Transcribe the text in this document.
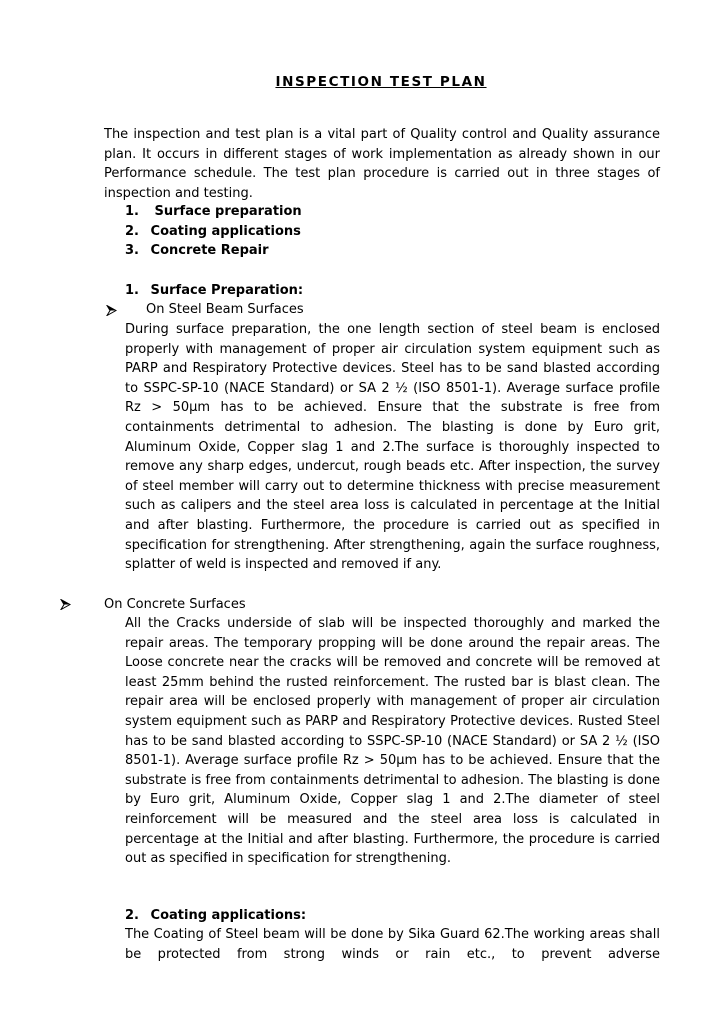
INSPECTION TEST PLAN

The inspection and test plan is a vital part of Quality control and Quality assurance plan. It occurs in different stages of work implementation as already shown in our Performance schedule. The test plan procedure is carried out in three stages of inspection and testing.

1. Surface preparation
2. Coating applications
3. Concrete Repair
1. Surface Preparation:
On Steel Beam Surfaces

During surface preparation, the one length section of steel beam is enclosed properly with management of proper air circulation system equipment such as PARP and Respiratory Protective devices. Steel has to be sand blasted according to SSPC-SP-10 (NACE Standard) or SA 2 ½ (ISO 8501-1). Average surface profile Rz > 50μm has to be achieved. Ensure that the substrate is free from containments detrimental to adhesion. The blasting is done by Euro grit, Aluminum Oxide, Copper slag 1 and 2.The surface is thoroughly inspected to remove any sharp edges, undercut, rough beads etc. After inspection, the survey of steel member will carry out to determine thickness with precise measurement such as calipers and the steel area loss is calculated in percentage at the Initial and after blasting. Furthermore, the procedure is carried out as specified in specification for strengthening. After strengthening, again the surface roughness, splatter of weld is inspected and removed if any.

On Concrete Surfaces

All the Cracks underside of slab will be inspected thoroughly and marked the repair areas. The temporary propping will be done around the repair areas. The Loose concrete near the cracks will be removed and concrete will be removed at least 25mm behind the rusted reinforcement. The rusted bar is blast clean. The repair area will be enclosed properly with management of proper air circulation system equipment such as PARP and Respiratory Protective devices. Rusted Steel has to be sand blasted according to SSPC-SP-10 (NACE Standard) or SA 2 ½ (ISO 8501-1). Average surface profile Rz > 50μm has to be achieved. Ensure that the substrate is free from containments detrimental to adhesion. The blasting is done by Euro grit, Aluminum Oxide, Copper slag 1 and 2.The diameter of steel reinforcement will be measured and the steel area loss is calculated in percentage at the Initial and after blasting. Furthermore, the procedure is carried out as specified in specification for strengthening.

2. Coating applications:

The Coating of Steel beam will be done by Sika Guard 62.The working areas shall be protected from strong winds or rain etc., to prevent adverse
